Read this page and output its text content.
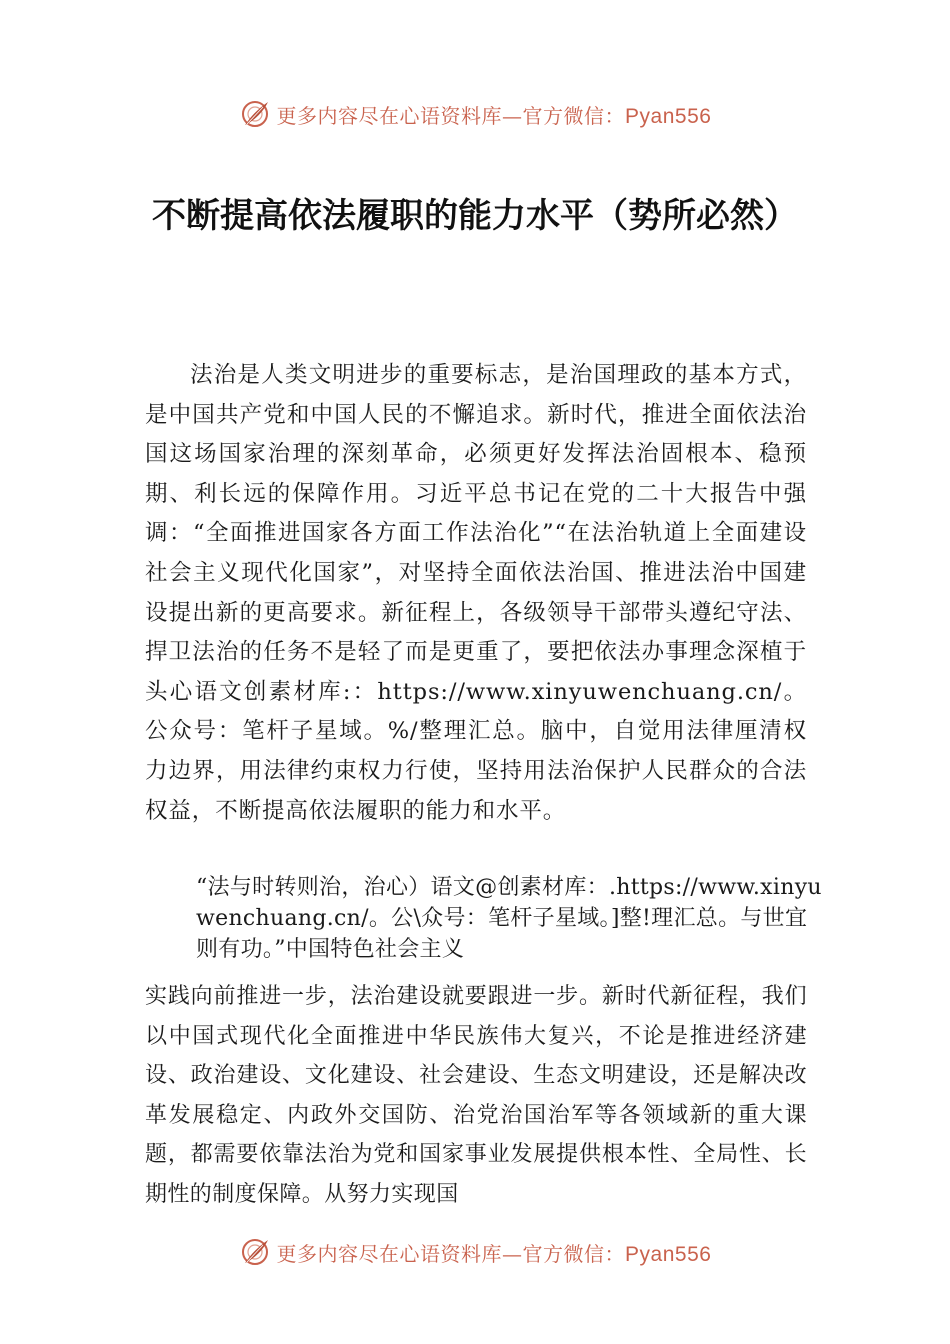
更多内容尽在心语资料库—官方微信：Pyan556
不断提高依法履职的能力水平（势所必然）

法治是人类文明进步的重要标志，是治国理政的基本方式，是中国共产党和中国人民的不懈追求。新时代，推进全面依法治国这场国家治理的深刻革命，必须更好发挥法治固根本、稳预期、利长远的保障作用。习近平总书记在党的二十大报告中强调：“全面推进国家各方面工作法治化”“在法治轨道上全面建设社会主义现代化国家”，对坚持全面依法治国、推进法治中国建设提出新的更高要求。新征程上，各级领导干部带头遵纪守法、捍卫法治的任务不是轻了而是更重了，要把依法办事理念深植于头心语文创素材库:：https://www.xinyuwenchuang.cn/。公众号：笔杆子星域。%/整理汇总。脑中，自觉用法律厘清权力边界，用法律约束权力行使，坚持用法治保护人民群众的合法权益，不断提高依法履职的能力和水平。

“法与时转则治，治心）语文@创素材库：.https://www.xinyuwenchuang.cn/。公\众号：笔杆子星域。]整!理汇总。与世宜则有功。”中国特色社会主义

实践向前推进一步，法治建设就要跟进一步。新时代新征程，我们以中国式现代化全面推进中华民族伟大复兴，不论是推进经济建设、政治建设、文化建设、社会建设、生态文明建设，还是解决改革发展稳定、内政外交国防、治党治国治军等各领域新的重大课题，都需要依靠法治为党和国家事业发展提供根本性、全局性、长期性的制度保障。从努力实现国

更多内容尽在心语资料库—官方微信：Pyan556
